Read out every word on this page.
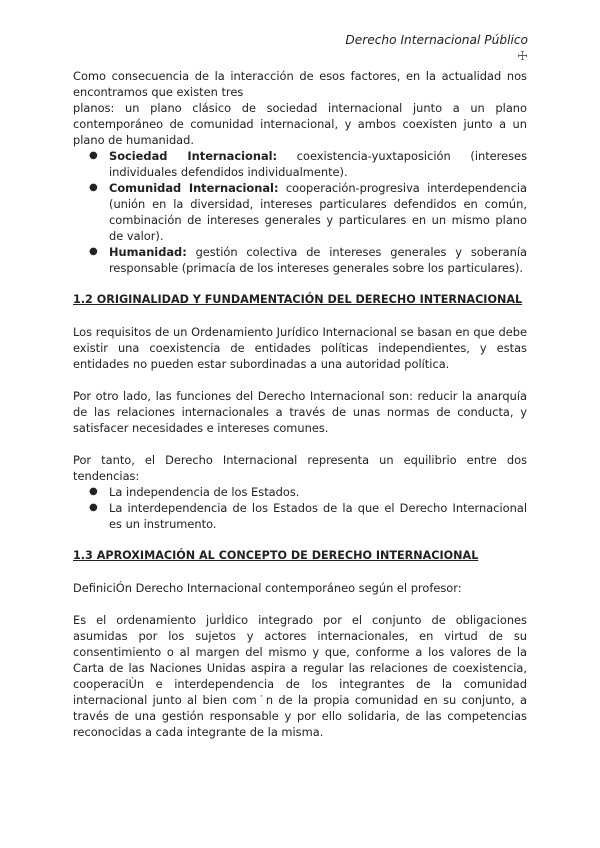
Derecho Internacional Público
☩

Como consecuencia de la interacción de esos factores, en la actualidad nos encontramos que existen tres

planos: un plano clásico de sociedad internacional junto a un plano contemporáneo de comunidad internacional, y ambos coexisten junto a un plano de humanidad.

● Sociedad Internacional: coexistencia-yuxtaposición (intereses individuales defendidos individualmente).
● Comunidad Internacional: cooperación-progresiva interdependencia (unión en la diversidad, intereses particulares defendidos en común, combinación de intereses generales y particulares en un mismo plano de valor).
● Humanidad: gestión colectiva de intereses generales y soberanía responsable (primacía de los intereses generales sobre los particulares).

1.2 ORIGINALIDAD Y FUNDAMENTACIÓN DEL DERECHO INTERNACIONAL

Los requisitos de un Ordenamiento Jurídico Internacional se basan en que debe existir una coexistencia de entidades políticas independientes, y estas entidades no pueden estar subordinadas a una autoridad política.

Por otro lado, las funciones del Derecho Internacional son: reducir la anarquía de las relaciones internacionales a través de unas normas de conducta, y satisfacer necesidades e intereses comunes.

Por tanto, el Derecho Internacional representa un equilibrio entre dos tendencias:

● La independencia de los Estados.
● La interdependencia de los Estados de la que el Derecho Internacional es un instrumento.

1.3 APROXIMACIÓN AL CONCEPTO DE DERECHO INTERNACIONAL

DefiniciÓn Derecho Internacional contemporáneo según el profesor:

Es el ordenamiento jurÌdico integrado por el conjunto de obligaciones asumidas por los sujetos y actores internacionales, en virtud de su consentimiento o al margen del mismo y que, conforme a los valores de la Carta de las Naciones Unidas aspira a regular las relaciones de coexistencia, cooperaciÙn e interdependencia de los integrantes de la comunidad internacional junto al bien com˙n de la propia comunidad en su conjunto, a través de una gestión responsable y por ello solidaria, de las competencias reconocidas a cada integrante de la misma.
